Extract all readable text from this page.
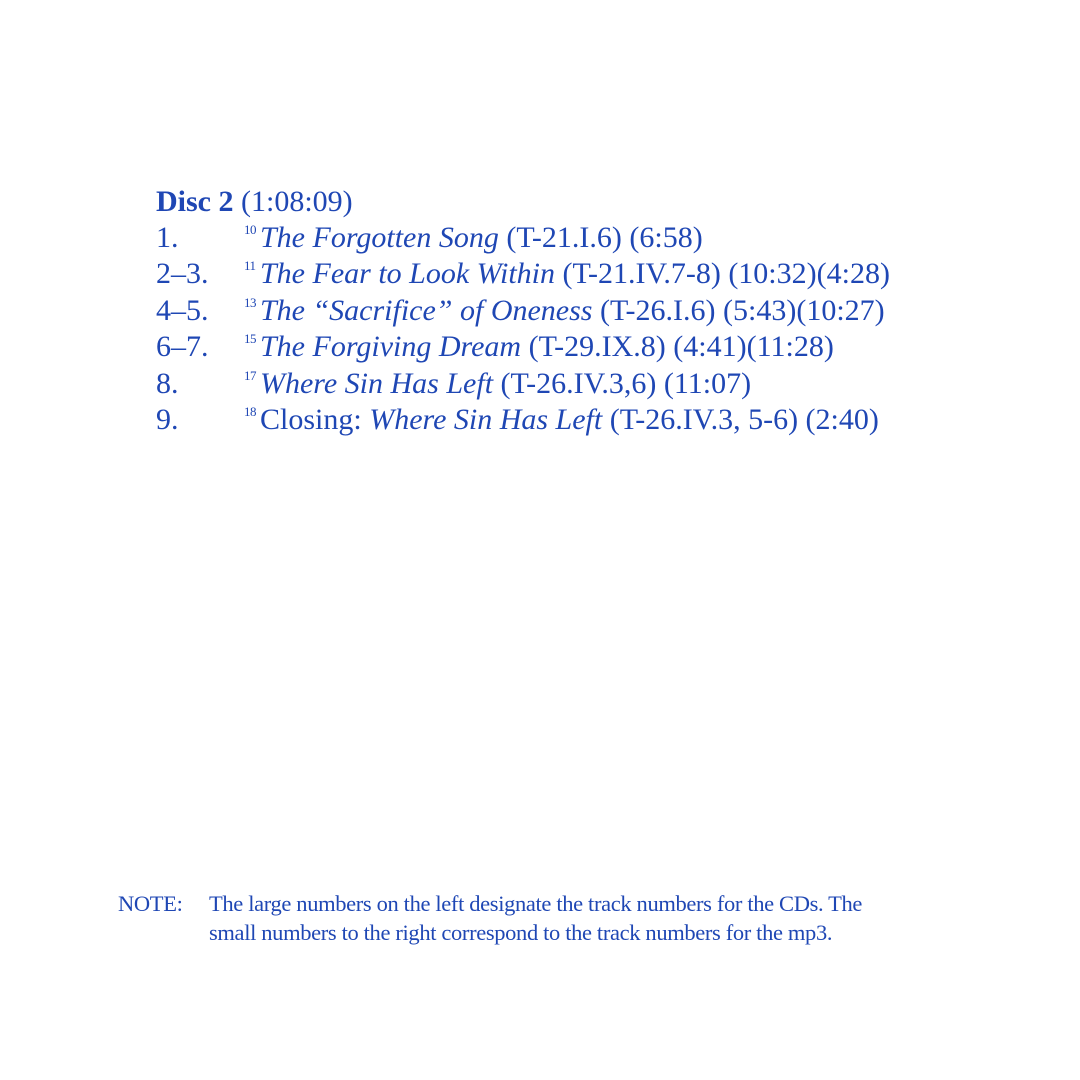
Disc 2 (1:08:09)
1.	10 The Forgotten Song (T-21.I.6) (6:58)
2–3.	11 The Fear to Look Within (T-21.IV.7-8) (10:32)(4:28)
4–5.	13 The “Sacrifice” of Oneness (T-26.I.6) (5:43)(10:27)
6–7.	15 The Forgiving Dream (T-29.IX.8) (4:41)(11:28)
8.	17 Where Sin Has Left (T-26.IV.3,6) (11:07)
9.	18 Closing: Where Sin Has Left (T-26.IV.3, 5-6) (2:40)
NOTE:	The large numbers on the left designate the track numbers for the CDs. The
small numbers to the right correspond to the track numbers for the mp3.
